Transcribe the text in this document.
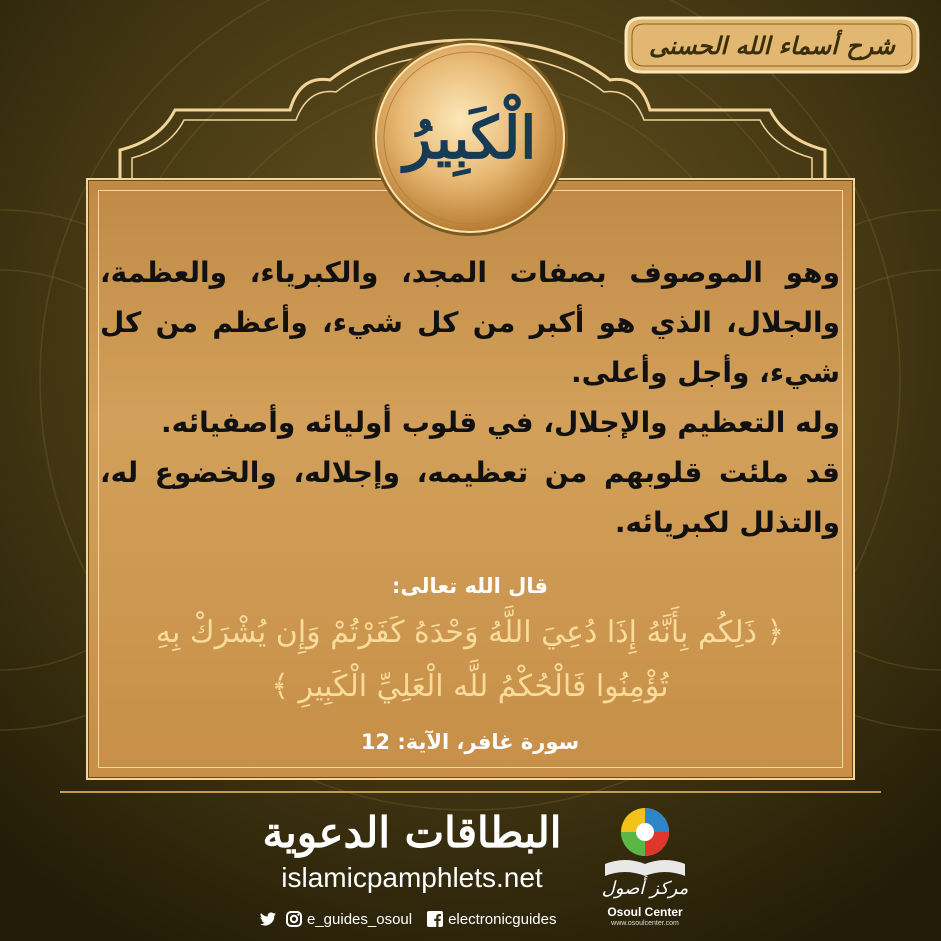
شرح أسماء الله الحسنى
الْكَبِيرُ

وهو الموصوف بصفات المجد، والكبرياء، والعظمة، والجلال، الذي هو أكبر من كل شيء، وأعظم من كل شيء، وأجل وأعلى.

وله التعظيم والإجلال، في قلوب أوليائه وأصفيائه.

قد ملئت قلوبهم من تعظيمه، وإجلاله، والخضوع له، والتذلل لكبريائه.

قال الله تعالى:
﴿ ذَلِكُم بِأَنَّهُ إِذَا دُعِيَ اللَّهُ وَحْدَهُ كَفَرْتُمْ وَإِن يُشْرَكْ بِهِ تُؤْمِنُوا فَالْحُكْمُ للَّه الْعَلِيِّ الْكَبِيرِ ﴾
سورة غافر، الآية: 12
البطاقات الدعوية
islamicpamphlets.net
e_guides_osoul electronicguides
مركز أصول
Osoul Center
www.osoulcenter.com
